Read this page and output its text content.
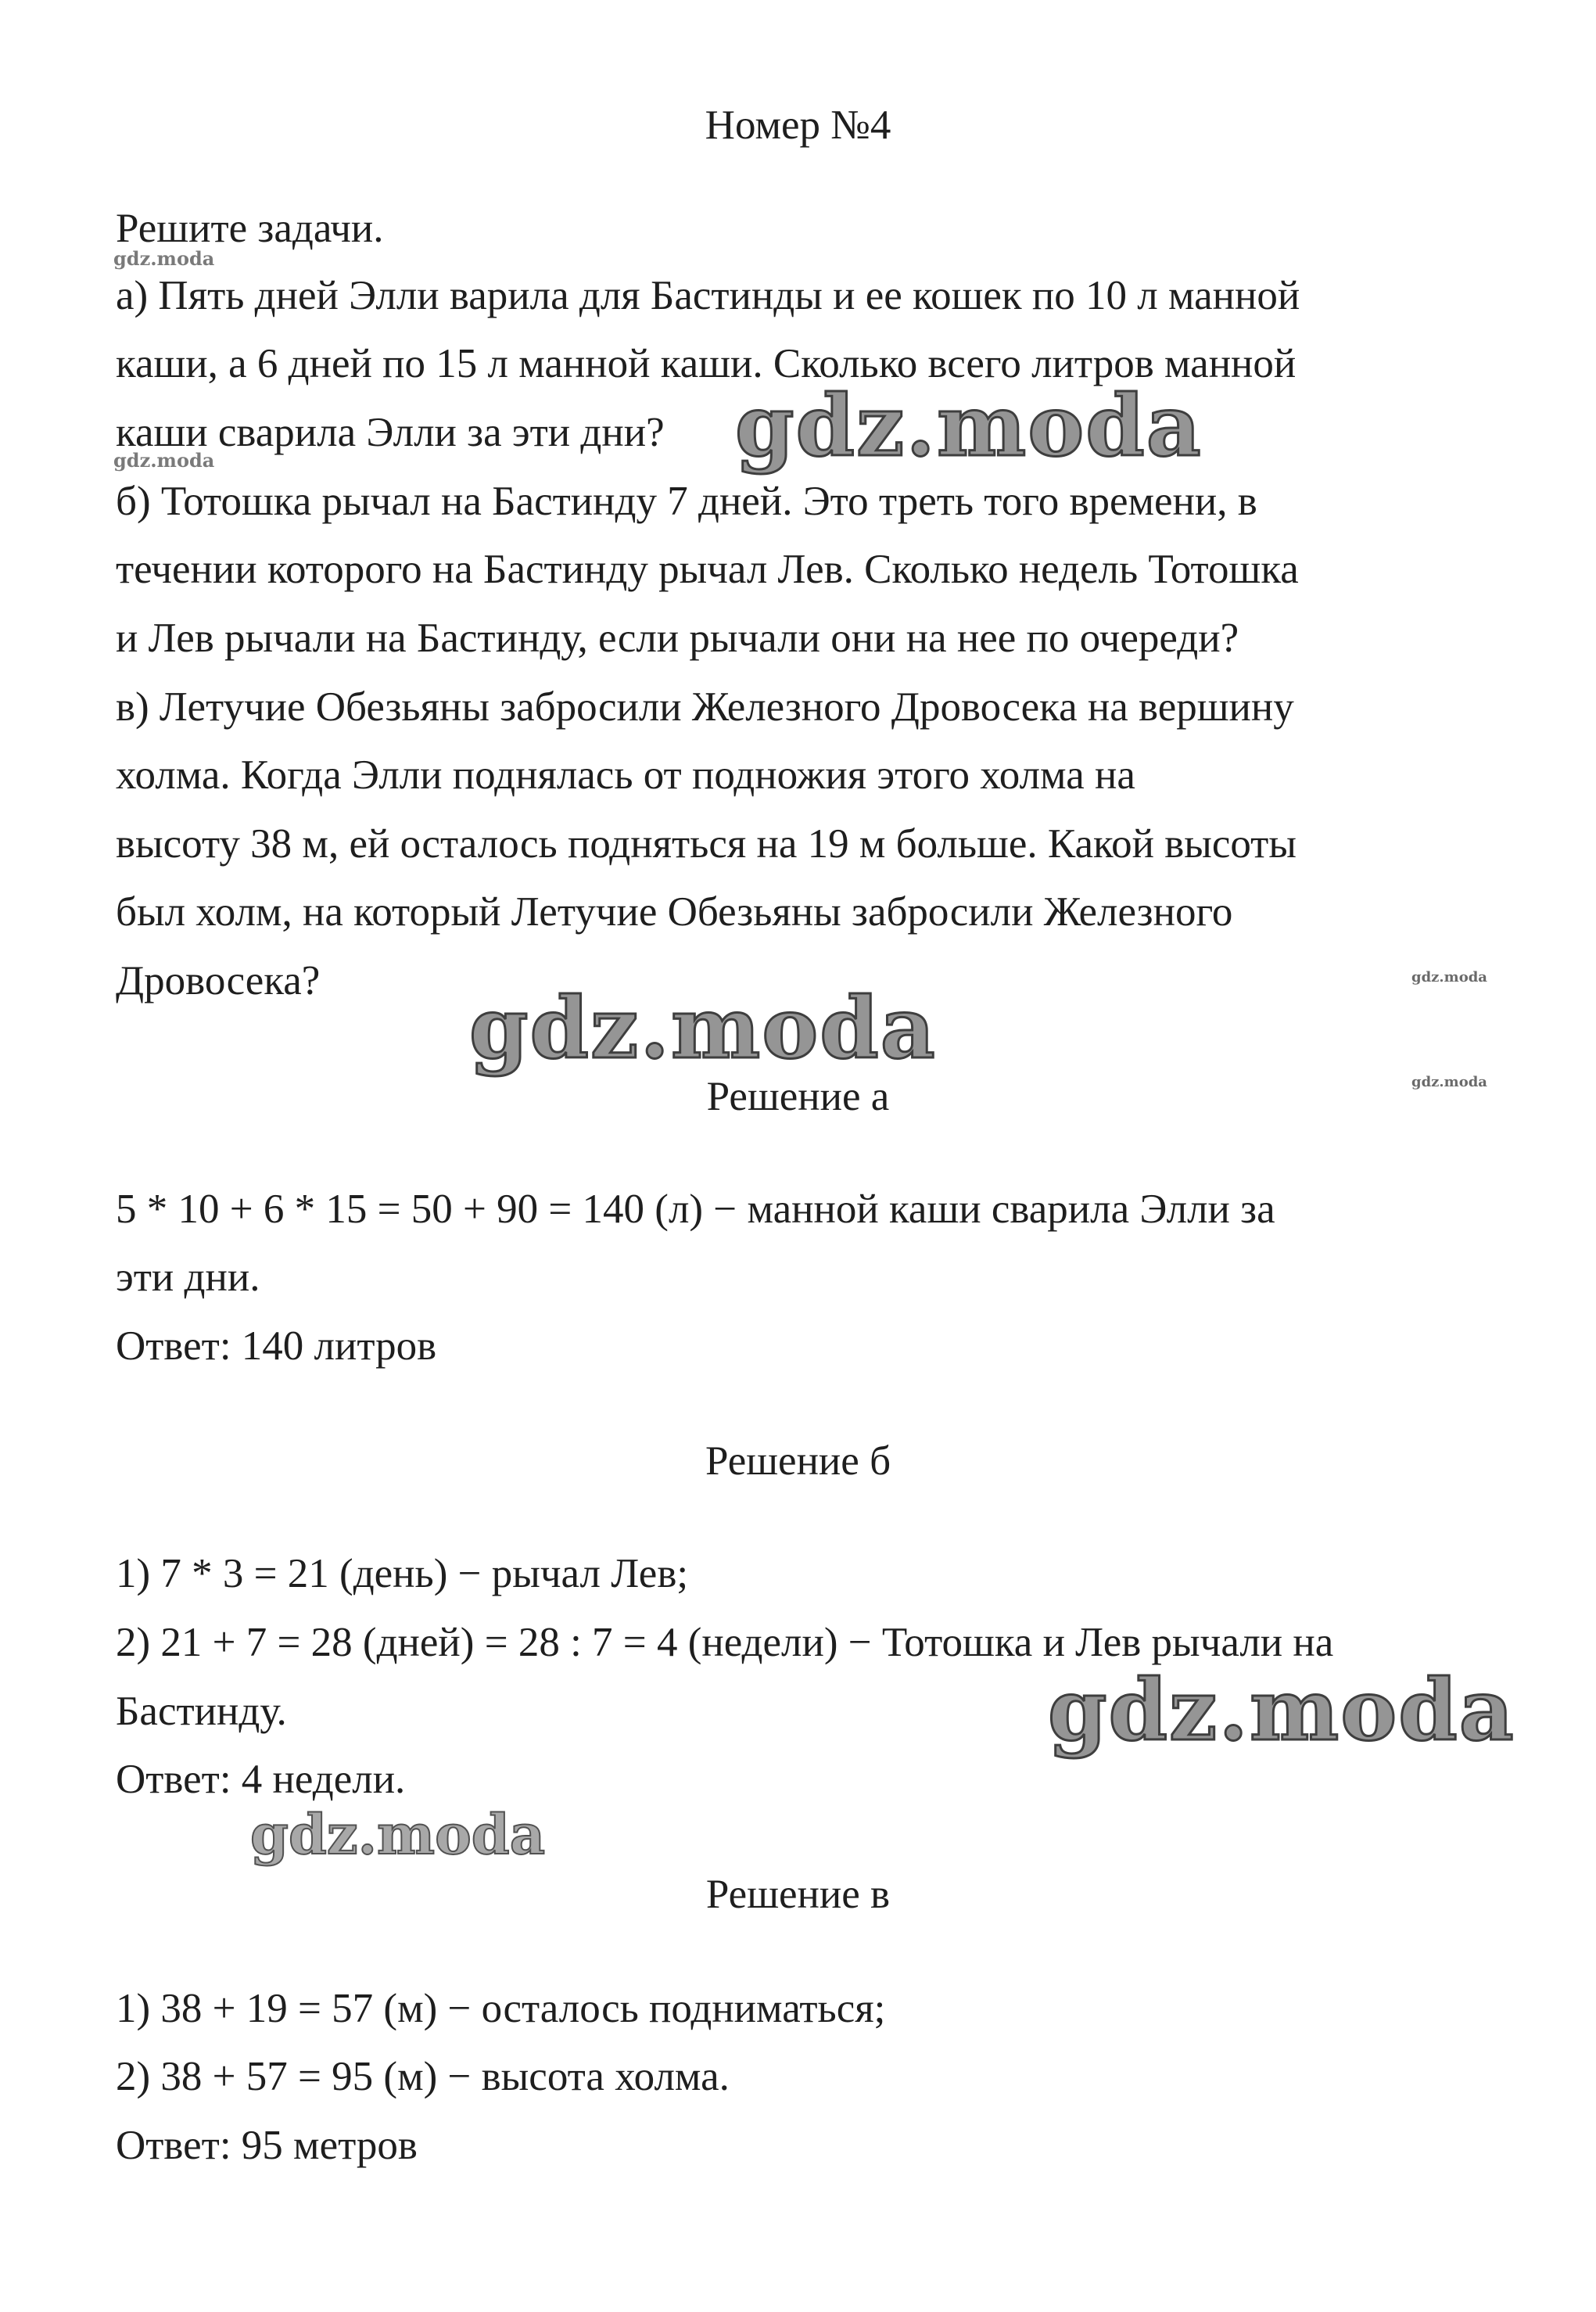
Номер №4
Решите задачи.
а) Пять дней Элли варила для Бастинды и ее кошек по 10 л манной
каши, а 6 дней по 15 л манной каши. Сколько всего литров манной
каши сварила Элли за эти дни?
б) Тотошка рычал на Бастинду 7 дней. Это треть того времени, в
течении которого на Бастинду рычал Лев. Сколько недель Тотошка
и Лев рычали на Бастинду, если рычали они на нее по очереди?
в) Летучие Обезьяны забросили Железного Дровосека на вершину
холма. Когда Элли поднялась от подножия этого холма на
высоту 38 м, ей осталось подняться на 19 м больше. Какой высоты
был холм, на который Летучие Обезьяны забросили Железного
Дровосека?
Решение а
5 * 10 + 6 * 15 = 50 + 90 = 140 (л) − манной каши сварила Элли за
эти дни.
Ответ: 140 литров
Решение б
1) 7 * 3 = 21 (день) − рычал Лев;
2) 21 + 7 = 28 (дней) = 28 : 7 = 4 (недели) − Тотошка и Лев рычали на
Бастинду.
Ответ: 4 недели.
Решение в
1) 38 + 19 = 57 (м) − осталось подниматься;
2) 38 + 57 = 95 (м) − высота холма.
Ответ: 95 метров
gdz.moda
gdz.moda	gdz.moda
gdz.moda
gdz.moda
gdz.moda
gdz.moda
gdz.moda
